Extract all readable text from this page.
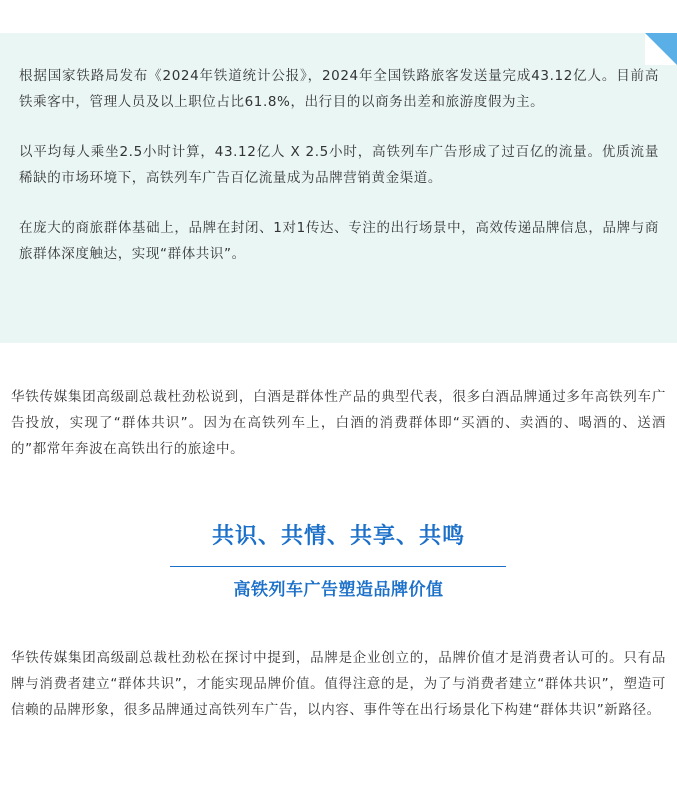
根据国家铁路局发布《2024年铁道统计公报》，2024年全国铁路旅客发送量完成43.12亿人。目前高铁乘客中，管理人员及以上职位占比61.8%，出行目的以商务出差和旅游度假为主。

以平均每人乘坐2.5小时计算，43.12亿人 X 2.5小时，高铁列车广告形成了过百亿的流量。优质流量稀缺的市场环境下，高铁列车广告百亿流量成为品牌营销黄金渠道。

在庞大的商旅群体基础上，品牌在封闭、1对1传达、专注的出行场景中，高效传递品牌信息，品牌与商旅群体深度触达，实现“群体共识”。

华铁传媒集团高级副总裁杜劲松说到，白酒是群体性产品的典型代表，很多白酒品牌通过多年高铁列车广告投放，实现了“群体共识”。因为在高铁列车上，白酒的消费群体即“买酒的、卖酒的、喝酒的、送酒的”都常年奔波在高铁出行的旅途中。

共识、共情、共享、共鸣
高铁列车广告塑造品牌价值

华铁传媒集团高级副总裁杜劲松在探讨中提到，品牌是企业创立的，品牌价值才是消费者认可的。只有品牌与消费者建立“群体共识”，才能实现品牌价值。值得注意的是，为了与消费者建立“群体共识”，塑造可信赖的品牌形象，很多品牌通过高铁列车广告，以内容、事件等在出行场景化下构建“群体共识”新路径。
